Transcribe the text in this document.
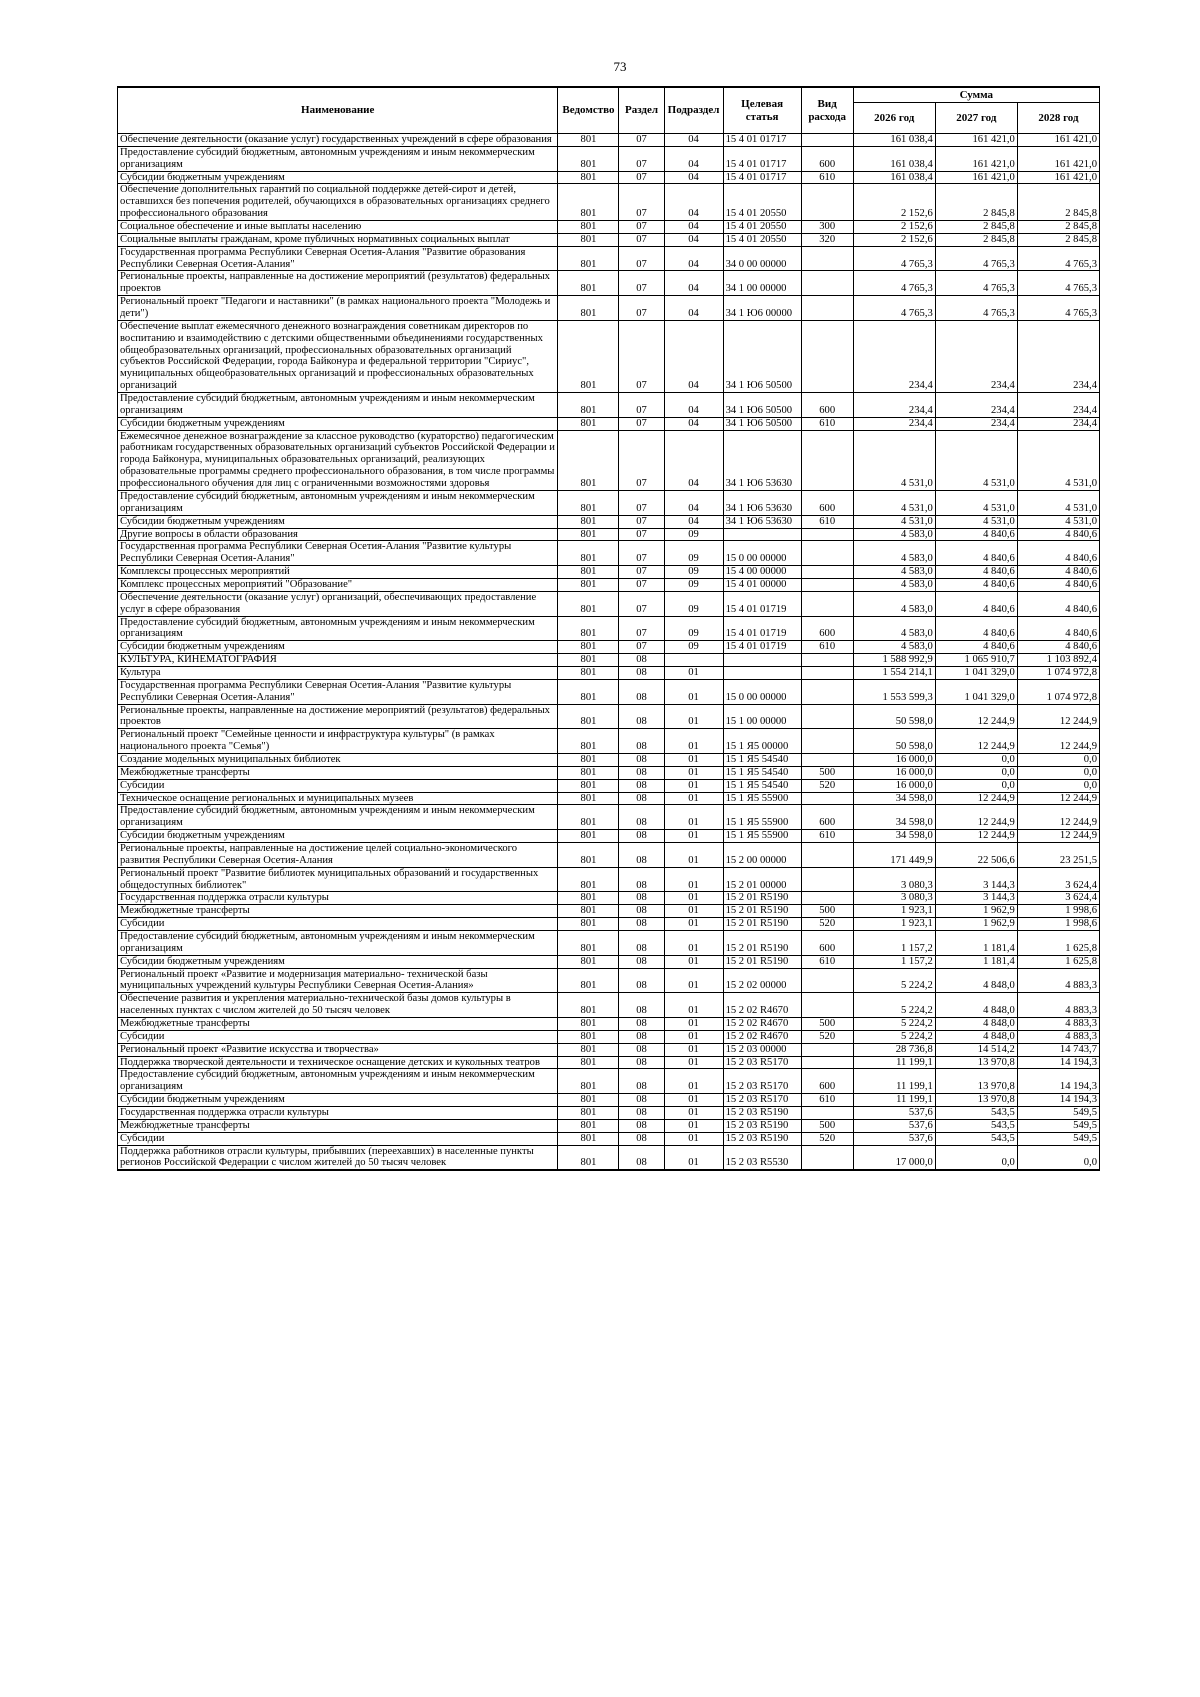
73
Наименование	Ведомство	Раздел	Подраздел	Целевая статья	Вид расхода	Сумма		
						2026 год	2027 год	2028 год
Обеспечение деятельности (оказание услуг) государственных учреждений в сфере образования	801	07	04	15 4 01 01717		161 038,4	161 421,0	161 421,0
Предоставление субсидий бюджетным, автономным учреждениям и иным некоммерческим организациям	801	07	04	15 4 01 01717	600	161 038,4	161 421,0	161 421,0
Субсидии бюджетным учреждениям	801	07	04	15 4 01 01717	610	161 038,4	161 421,0	161 421,0
Обеспечение дополнительных гарантий по социальной поддержке детей-сирот и детей, оставшихся без попечения родителей, обучающихся в образовательных организациях среднего профессионального образования	801	07	04	15 4 01 20550		2 152,6	2 845,8	2 845,8
Социальное обеспечение и иные выплаты населению	801	07	04	15 4 01 20550	300	2 152,6	2 845,8	2 845,8
Социальные выплаты гражданам, кроме публичных нормативных социальных выплат	801	07	04	15 4 01 20550	320	2 152,6	2 845,8	2 845,8
Государственная программа Республики Северная Осетия-Алания "Развитие образования Республики Северная Осетия-Алания"	801	07	04	34 0 00 00000		4 765,3	4 765,3	4 765,3
Региональные проекты, направленные на достижение мероприятий (результатов) федеральных проектов	801	07	04	34 1 00 00000		4 765,3	4 765,3	4 765,3
Региональный проект "Педагоги и наставники" (в рамках национального проекта "Молодежь и дети")	801	07	04	34 1 Ю6 00000		4 765,3	4 765,3	4 765,3
Обеспечение выплат ежемесячного денежного вознаграждения советникам директоров по воспитанию и взаимодействию с детскими общественными объединениями государственных общеобразовательных организаций, профессиональных образовательных организаций субъектов Российской Федерации, города Байконура и федеральной территории "Сириус", муниципальных общеобразовательных организаций и профессиональных образовательных организаций	801	07	04	34 1 Ю6 50500		234,4	234,4	234,4
Предоставление субсидий бюджетным, автономным учреждениям и иным некоммерческим организациям	801	07	04	34 1 Ю6 50500	600	234,4	234,4	234,4
Субсидии бюджетным учреждениям	801	07	04	34 1 Ю6 50500	610	234,4	234,4	234,4
Ежемесячное денежное вознаграждение за классное руководство (кураторство) педагогическим работникам государственных образовательных организаций субъектов Российской Федерации и города Байконура, муниципальных образовательных организаций, реализующих образовательные программы среднего профессионального образования, в том числе программы профессионального обучения для лиц с ограниченными возможностями здоровья	801	07	04	34 1 Ю6 53630		4 531,0	4 531,0	4 531,0
Предоставление субсидий бюджетным, автономным учреждениям и иным некоммерческим организациям	801	07	04	34 1 Ю6 53630	600	4 531,0	4 531,0	4 531,0
Субсидии бюджетным учреждениям	801	07	04	34 1 Ю6 53630	610	4 531,0	4 531,0	4 531,0
Другие вопросы в области образования	801	07	09			4 583,0	4 840,6	4 840,6
Государственная программа Республики Северная Осетия-Алания "Развитие культуры Республики Северная Осетия-Алания"	801	07	09	15 0 00 00000		4 583,0	4 840,6	4 840,6
Комплексы процессных мероприятий	801	07	09	15 4 00 00000		4 583,0	4 840,6	4 840,6
Комплекс процессных мероприятий "Образование"	801	07	09	15 4 01 00000		4 583,0	4 840,6	4 840,6
Обеспечение деятельности (оказание услуг) организаций, обеспечивающих предоставление услуг в сфере образования	801	07	09	15 4 01 01719		4 583,0	4 840,6	4 840,6
Предоставление субсидий бюджетным, автономным учреждениям и иным некоммерческим организациям	801	07	09	15 4 01 01719	600	4 583,0	4 840,6	4 840,6
Субсидии бюджетным учреждениям	801	07	09	15 4 01 01719	610	4 583,0	4 840,6	4 840,6
КУЛЬТУРА, КИНЕМАТОГРАФИЯ	801	08				1 588 992,9	1 065 910,7	1 103 892,4
Культура	801	08	01			1 554 214,1	1 041 329,0	1 074 972,8
Государственная программа Республики Северная Осетия-Алания "Развитие культуры Республики Северная Осетия-Алания"	801	08	01	15 0 00 00000		1 553 599,3	1 041 329,0	1 074 972,8
Региональные проекты, направленные на достижение мероприятий (результатов) федеральных проектов	801	08	01	15 1 00 00000		50 598,0	12 244,9	12 244,9
Региональный проект "Семейные ценности и инфраструктура культуры" (в рамках национального проекта "Семья")	801	08	01	15 1 Я5 00000		50 598,0	12 244,9	12 244,9
Создание модельных муниципальных библиотек	801	08	01	15 1 Я5 54540		16 000,0	0,0	0,0
Межбюджетные трансферты	801	08	01	15 1 Я5 54540	500	16 000,0	0,0	0,0
Субсидии	801	08	01	15 1 Я5 54540	520	16 000,0	0,0	0,0
Техническое оснащение региональных и муниципальных музеев	801	08	01	15 1 Я5 55900		34 598,0	12 244,9	12 244,9
Предоставление субсидий бюджетным, автономным учреждениям и иным некоммерческим организациям	801	08	01	15 1 Я5 55900	600	34 598,0	12 244,9	12 244,9
Субсидии бюджетным учреждениям	801	08	01	15 1 Я5 55900	610	34 598,0	12 244,9	12 244,9
Региональные проекты, направленные на достижение целей социально-экономического развития Республики Северная Осетия-Алания	801	08	01	15 2 00 00000		171 449,9	22 506,6	23 251,5
Региональный проект "Развитие библиотек муниципальных образований и государственных общедоступных библиотек"	801	08	01	15 2 01 00000		3 080,3	3 144,3	3 624,4
Государственная поддержка отрасли культуры	801	08	01	15 2 01 R5190		3 080,3	3 144,3	3 624,4
Межбюджетные трансферты	801	08	01	15 2 01 R5190	500	1 923,1	1 962,9	1 998,6
Субсидии	801	08	01	15 2 01 R5190	520	1 923,1	1 962,9	1 998,6
Предоставление субсидий бюджетным, автономным учреждениям и иным некоммерческим организациям	801	08	01	15 2 01 R5190	600	1 157,2	1 181,4	1 625,8
Субсидии бюджетным учреждениям	801	08	01	15 2 01 R5190	610	1 157,2	1 181,4	1 625,8
Региональный проект «Развитие и модернизация материально- технической базы муниципальных учреждений культуры Республики Северная Осетия-Алания»	801	08	01	15 2 02 00000		5 224,2	4 848,0	4 883,3
Обеспечение развития и укрепления материально-технической базы домов культуры в населенных пунктах с числом жителей до 50 тысяч человек	801	08	01	15 2 02 R4670		5 224,2	4 848,0	4 883,3
Межбюджетные трансферты	801	08	01	15 2 02 R4670	500	5 224,2	4 848,0	4 883,3
Субсидии	801	08	01	15 2 02 R4670	520	5 224,2	4 848,0	4 883,3
Региональный проект «Развитие искусства и творчества»	801	08	01	15 2 03 00000		28 736,8	14 514,2	14 743,7
Поддержка творческой деятельности и техническое оснащение детских и кукольных театров	801	08	01	15 2 03 R5170		11 199,1	13 970,8	14 194,3
Предоставление субсидий бюджетным, автономным учреждениям и иным некоммерческим организациям	801	08	01	15 2 03 R5170	600	11 199,1	13 970,8	14 194,3
Субсидии бюджетным учреждениям	801	08	01	15 2 03 R5170	610	11 199,1	13 970,8	14 194,3
Государственная поддержка отрасли культуры	801	08	01	15 2 03 R5190		537,6	543,5	549,5
Межбюджетные трансферты	801	08	01	15 2 03 R5190	500	537,6	543,5	549,5
Субсидии	801	08	01	15 2 03 R5190	520	537,6	543,5	549,5
Поддержка работников отрасли культуры, прибывших (переехавших) в населенные пункты регионов Российской Федерации с числом жителей до 50 тысяч человек	801	08	01	15 2 03 R5530		17 000,0	0,0	0,0
